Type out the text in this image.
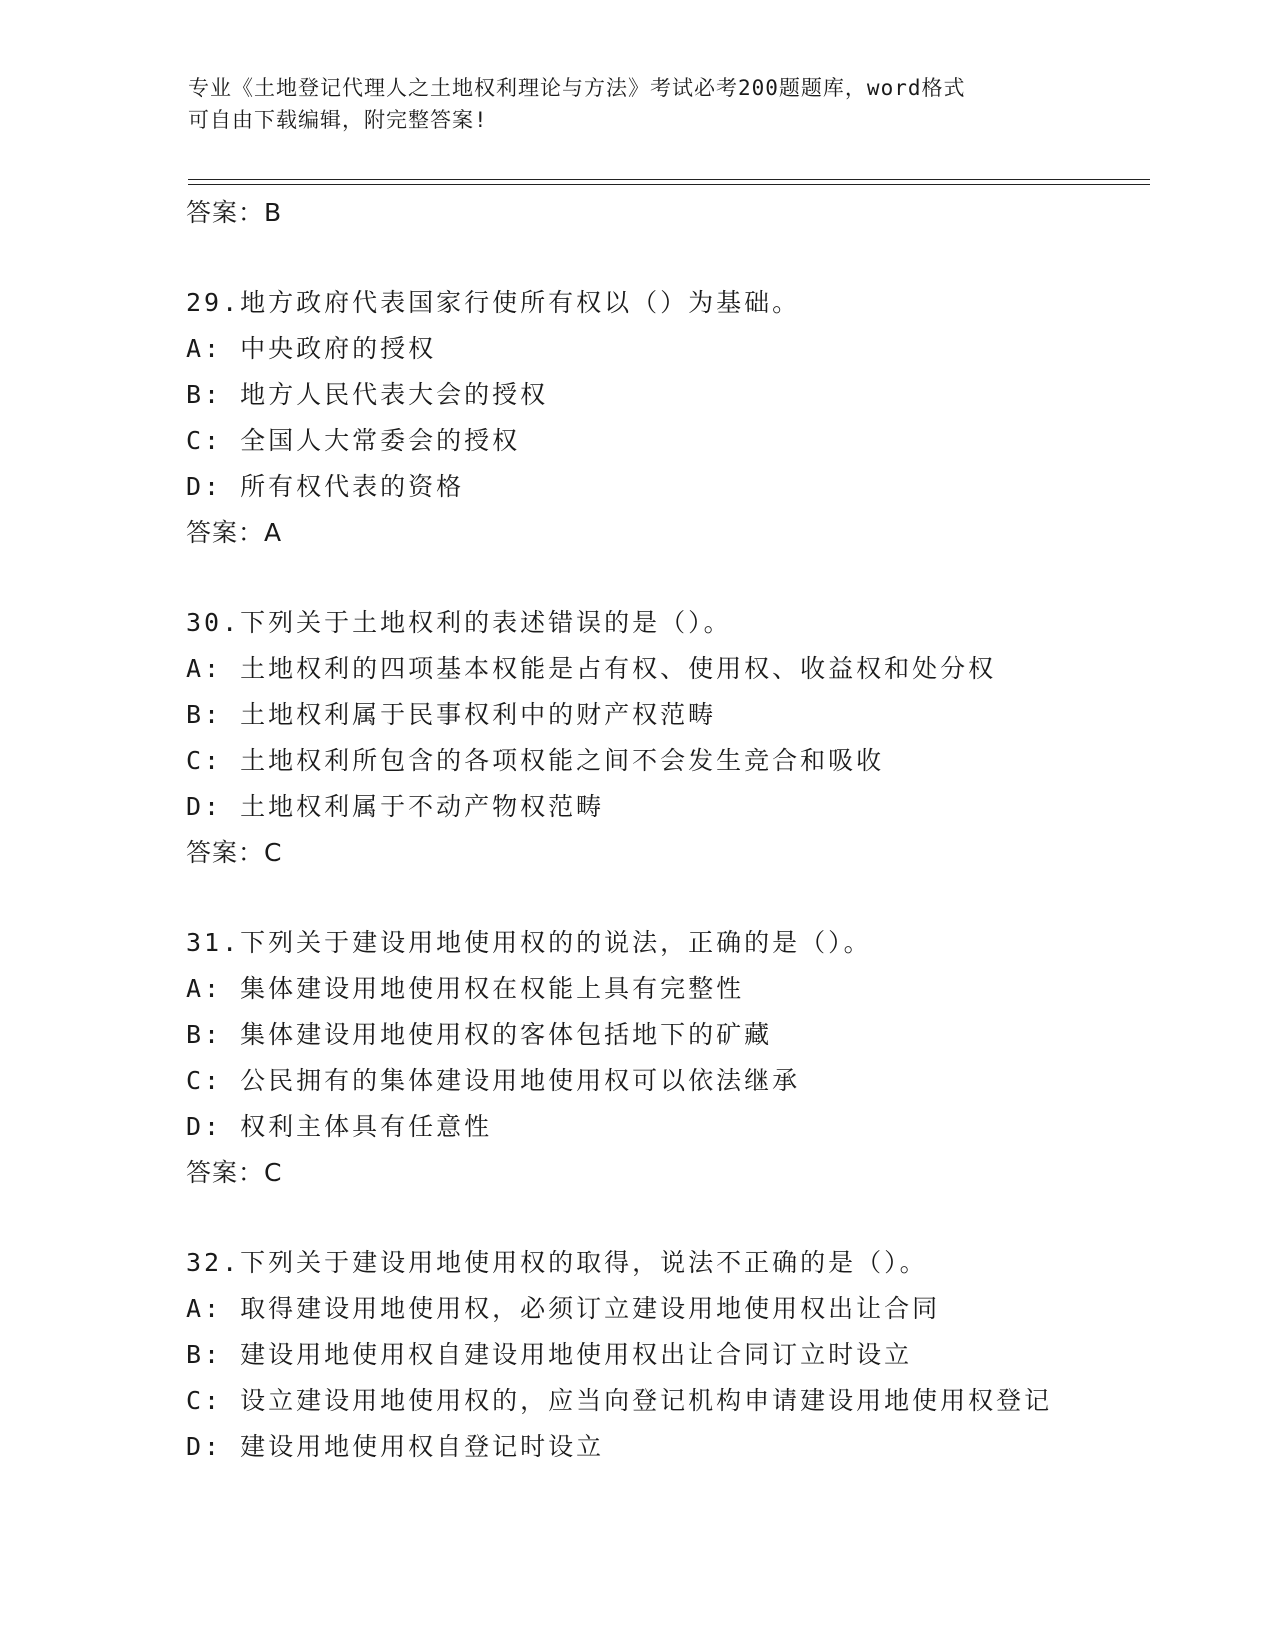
专业《土地登记代理人之土地权利理论与方法》考试必考200题题库，word格式
可自由下载编辑，附完整答案!
答案：B
29.地方政府代表国家行使所有权以（）为基础。
A: 中央政府的授权
B: 地方人民代表大会的授权
C: 全国人大常委会的授权
D: 所有权代表的资格
答案：A
30.下列关于土地权利的表述错误的是（）。
A: 土地权利的四项基本权能是占有权、使用权、收益权和处分权
B: 土地权利属于民事权利中的财产权范畴
C: 土地权利所包含的各项权能之间不会发生竞合和吸收
D: 土地权利属于不动产物权范畴
答案：C
31.下列关于建设用地使用权的的说法，正确的是（）。
A: 集体建设用地使用权在权能上具有完整性
B: 集体建设用地使用权的客体包括地下的矿藏
C: 公民拥有的集体建设用地使用权可以依法继承
D: 权利主体具有任意性
答案：C
32.下列关于建设用地使用权的取得，说法不正确的是（）。
A: 取得建设用地使用权，必须订立建设用地使用权出让合同
B: 建设用地使用权自建设用地使用权出让合同订立时设立
C: 设立建设用地使用权的，应当向登记机构申请建设用地使用权登记
D: 建设用地使用权自登记时设立
